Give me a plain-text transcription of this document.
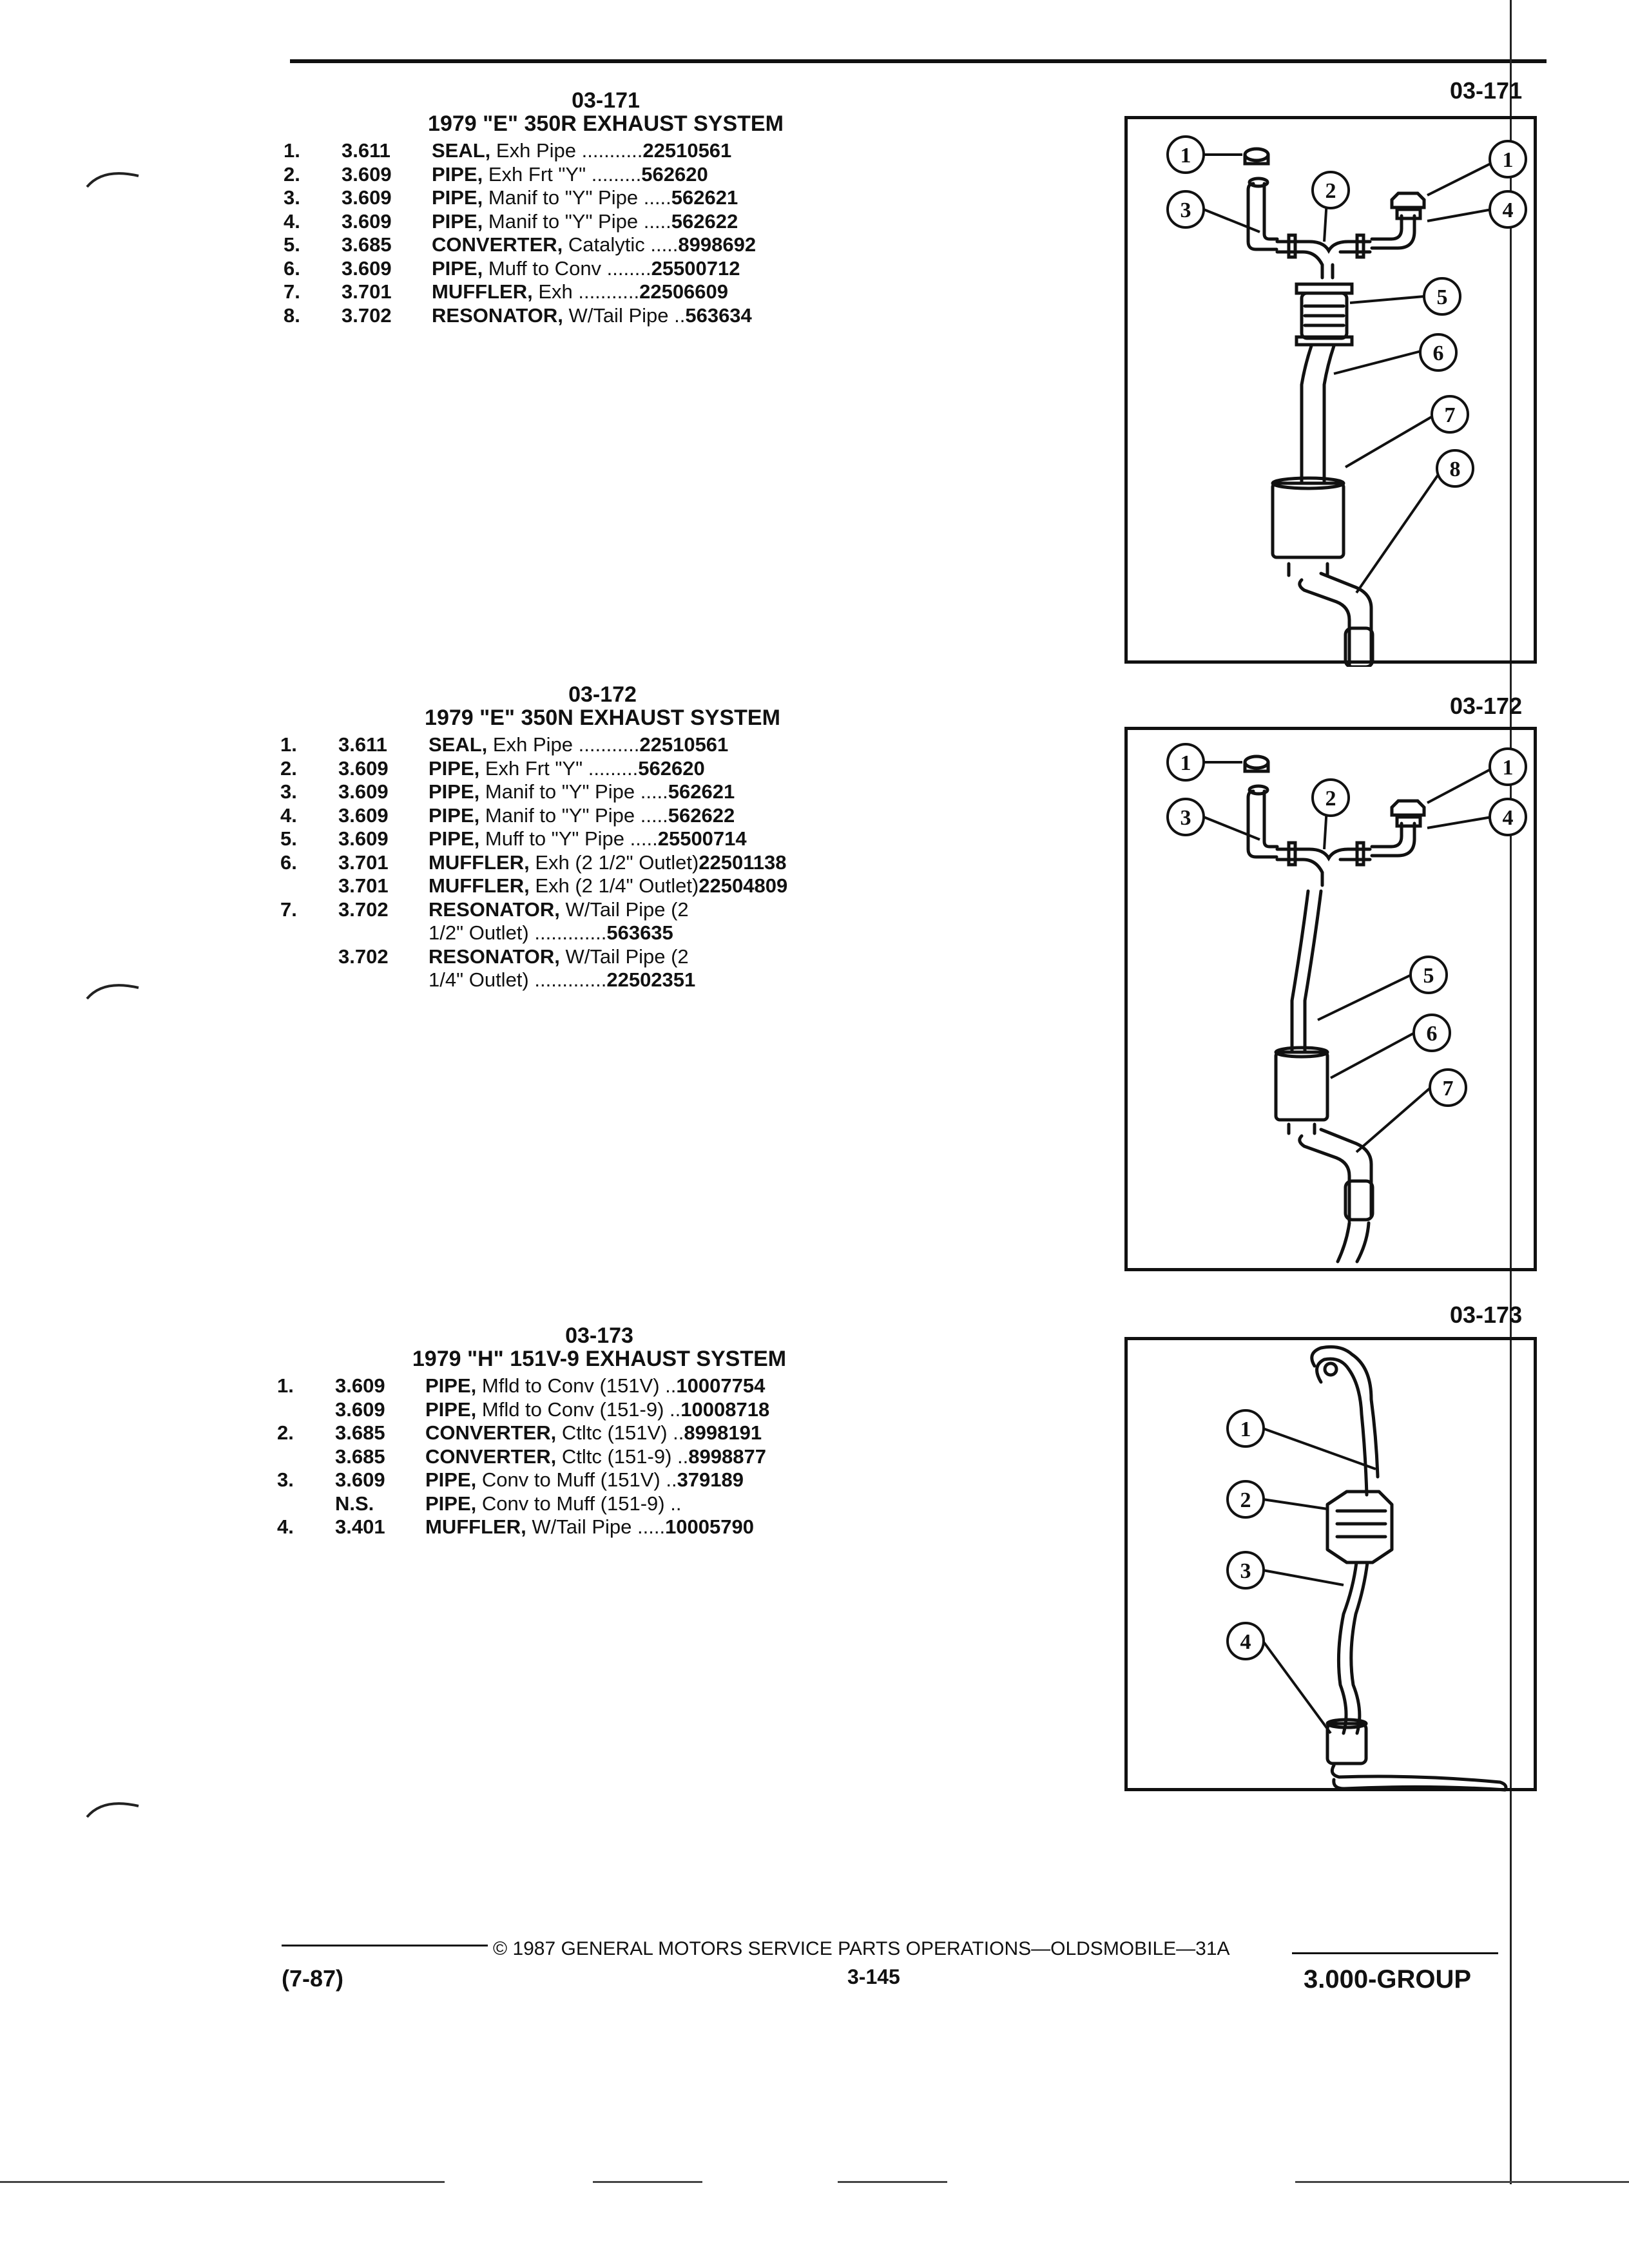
03-171
1979 "E" 350R EXHAUST SYSTEM
1.	3.611	SEAL, Exh Pipe ...........22510561
2.	3.609	PIPE, Exh Frt "Y" .........562620
3.	3.609	PIPE, Manif to "Y" Pipe .....562621
4.	3.609	PIPE, Manif to "Y" Pipe .....562622
5.	3.685	CONVERTER, Catalytic .....8998692
6.	3.609	PIPE, Muff to Conv ........25500712
7.	3.701	MUFFLER, Exh ...........22506609
8.	3.702	RESONATOR, W/Tail Pipe ..563634
03-171
1	1
2
3	4
5
6
7
8
03-172
1979 "E" 350N EXHAUST SYSTEM
1.	3.611	SEAL, Exh Pipe ...........22510561
2.	3.609	PIPE, Exh Frt "Y" .........562620
3.	3.609	PIPE, Manif to "Y" Pipe .....562621
4.	3.609	PIPE, Manif to "Y" Pipe .....562622
5.	3.609	PIPE, Muff to "Y" Pipe .....25500714
6.	3.701	MUFFLER, Exh (2 1/2" Outlet)22501138
3.701	MUFFLER, Exh (2 1/4" Outlet)22504809
7.	3.702	RESONATOR, W/Tail Pipe (2
1/2" Outlet) .............563635
3.702	RESONATOR, W/Tail Pipe (2
1/4" Outlet) .............22502351
03-172
1	1
2
3	4
5
6
7
03-173
1979 "H" 151V-9 EXHAUST SYSTEM
1.	3.609	PIPE, Mfld to Conv (151V) ..10007754
3.609	PIPE, Mfld to Conv (151-9) ..10008718
2.	3.685	CONVERTER, Ctltc (151V) ..8998191
3.685	CONVERTER, Ctltc (151-9) ..8998877
3.	3.609	PIPE, Conv to Muff (151V) ..379189
N.S.	PIPE, Conv to Muff (151-9) ..
4.	3.401	MUFFLER, W/Tail Pipe .....10005790
03-173
1
2
3
4
© 1987 GENERAL MOTORS SERVICE PARTS OPERATIONS—OLDSMOBILE—31A
(7-87)	3-145	3.000-GROUP
